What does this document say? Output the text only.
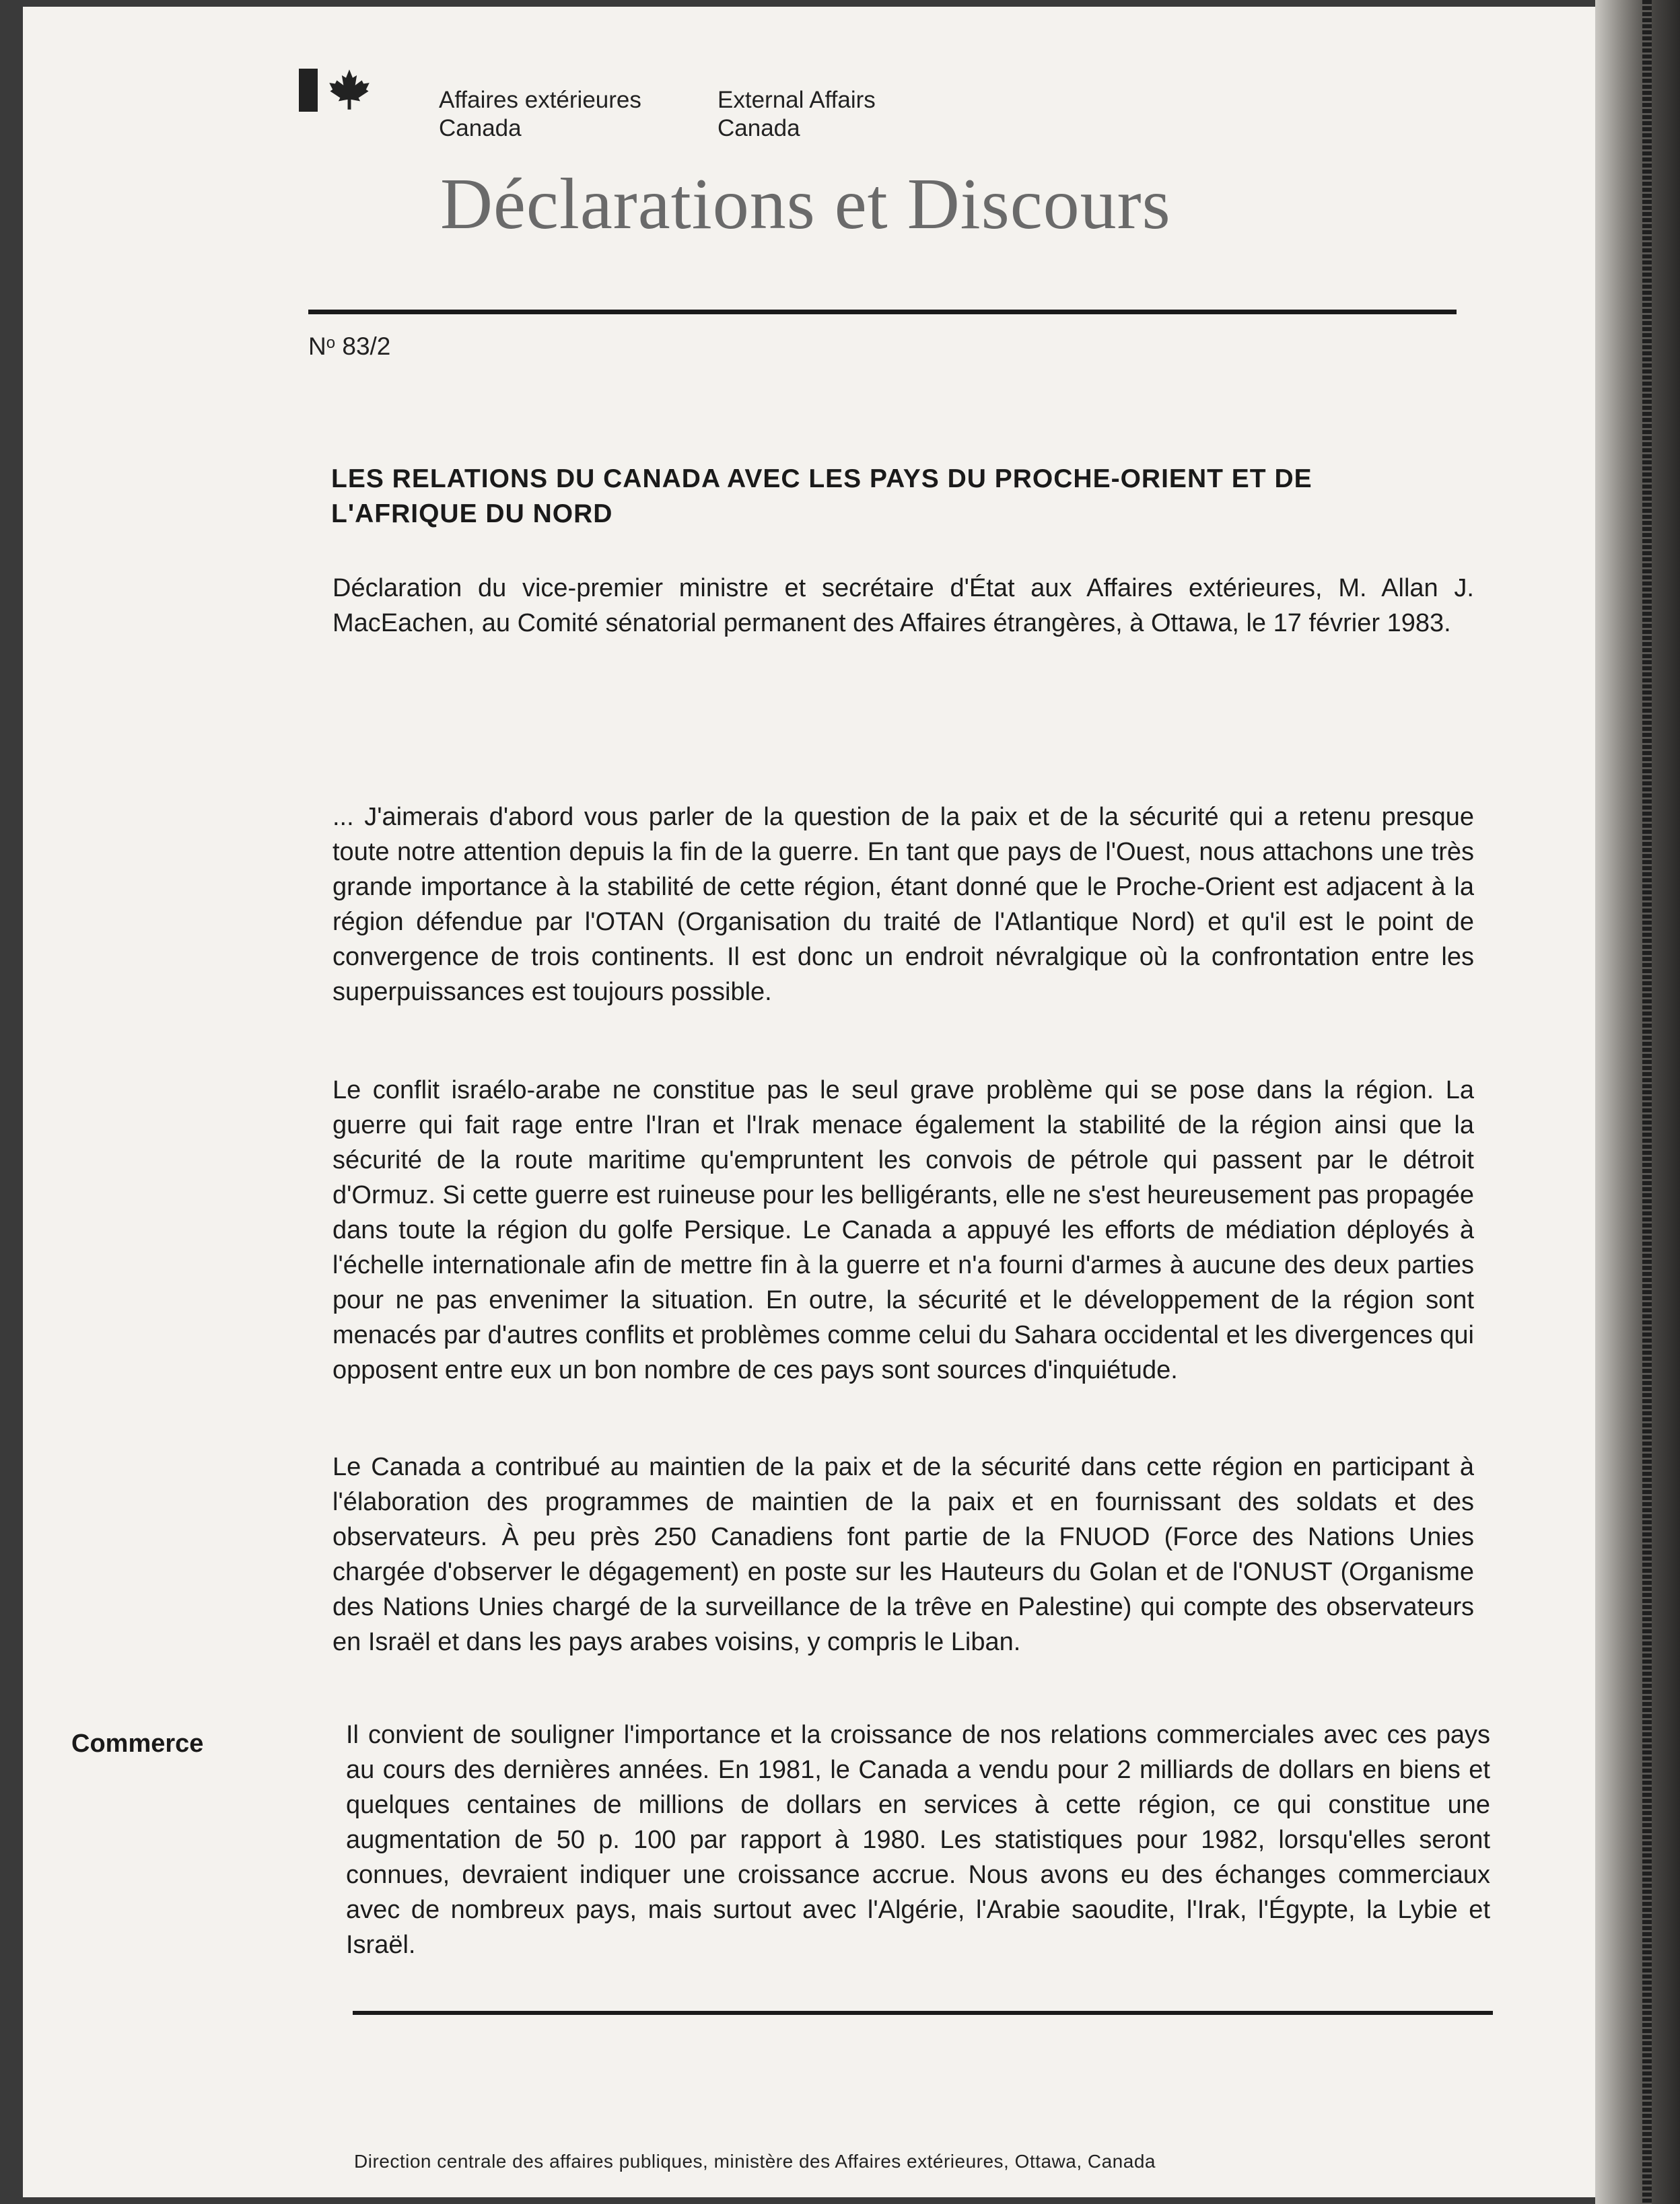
Affaires extérieures
Canada
External Affairs
Canada
Déclarations et Discours
$N^o$ 83/2
LES RELATIONS DU CANADA AVEC LES PAYS DU PROCHE-ORIENT ET DE L'AFRIQUE DU NORD
Déclaration du vice-premier ministre et secrétaire d'État aux Affaires extérieures, M. Allan J. MacEachen, au Comité sénatorial permanent des Affaires étrangères, à Ottawa, le 17 février 1983.
... J'aimerais d'abord vous parler de la question de la paix et de la sécurité qui a retenu presque toute notre attention depuis la fin de la guerre. En tant que pays de l'Ouest, nous attachons une très grande importance à la stabilité de cette région, étant donné que le Proche-Orient est adjacent à la région défendue par l'OTAN (Organisation du traité de l'Atlantique Nord) et qu'il est le point de convergence de trois continents. Il est donc un endroit névralgique où la confrontation entre les superpuissances est toujours possible.
Le conflit israélo-arabe ne constitue pas le seul grave problème qui se pose dans la région. La guerre qui fait rage entre l'Iran et l'Irak menace également la stabilité de la région ainsi que la sécurité de la route maritime qu'empruntent les convois de pétrole qui passent par le détroit d'Ormuz. Si cette guerre est ruineuse pour les belligérants, elle ne s'est heureusement pas propagée dans toute la région du golfe Persique. Le Canada a appuyé les efforts de médiation déployés à l'échelle internationale afin de mettre fin à la guerre et n'a fourni d'armes à aucune des deux parties pour ne pas envenimer la situation. En outre, la sécurité et le développement de la région sont menacés par d'autres conflits et problèmes comme celui du Sahara occidental et les divergences qui opposent entre eux un bon nombre de ces pays sont sources d'inquiétude.
Le Canada a contribué au maintien de la paix et de la sécurité dans cette région en participant à l'élaboration des programmes de maintien de la paix et en fournissant des soldats et des observateurs. À peu près 250 Canadiens font partie de la FNUOD (Force des Nations Unies chargée d'observer le dégagement) en poste sur les Hauteurs du Golan et de l'ONUST (Organisme des Nations Unies chargé de la surveillance de la trêve en Palestine) qui compte des observateurs en Israël et dans les pays arabes voisins, y compris le Liban.
Commerce	Il convient de souligner l'importance et la croissance de nos relations commerciales avec ces pays au cours des dernières années. En 1981, le Canada a vendu pour 2 milliards de dollars en biens et quelques centaines de millions de dollars en services à cette région, ce qui constitue une augmentation de 50 p. 100 par rapport à 1980. Les statistiques pour 1982, lorsqu'elles seront connues, devraient indiquer une croissance accrue. Nous avons eu des échanges commerciaux avec de nombreux pays, mais surtout avec l'Algérie, l'Arabie saoudite, l'Irak, l'Égypte, la Lybie et Israël.
Direction centrale des affaires publiques, ministère des Affaires extérieures, Ottawa, Canada
